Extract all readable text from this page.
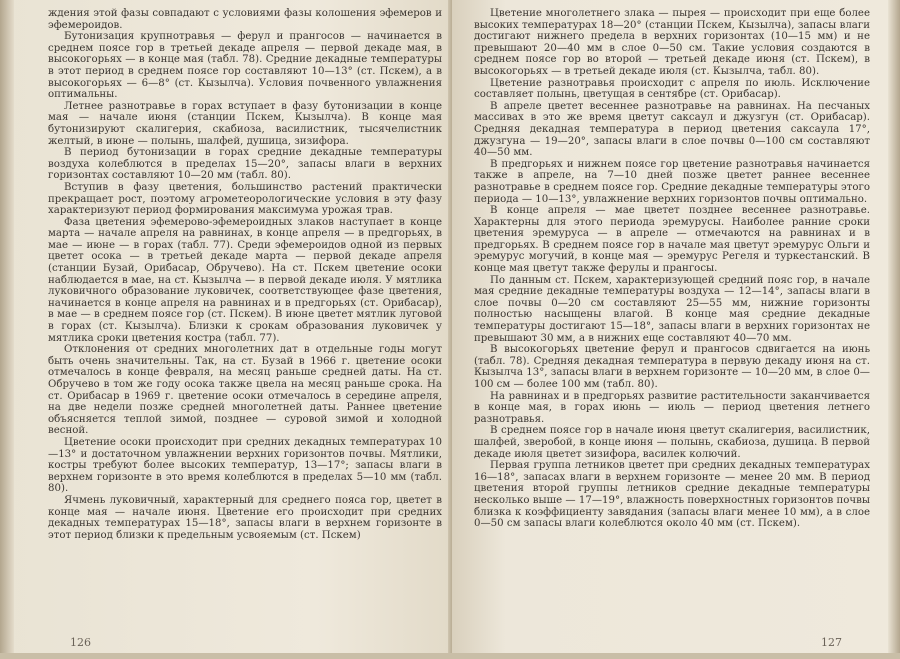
ждения этой фазы совпадают с условиями фазы колошения эфемеров и эфемероидов.

Бутонизация крупнотравья — ферул и прангосов — начинается в среднем поясе гор в третьей декаде апреля — первой декаде мая, в высокогорьях — в конце мая (табл. 78). Средние декадные температуры в этот период в среднем поясе гор составляют 10—13° (ст. Пскем), а в высокогорьях — 6—8° (ст. Кызылча). Условия почвенного увлажнения оптимальны.

Летнее разнотравье в горах вступает в фазу бутонизации в конце мая — начале июня (станции Пскем, Кызылча). В конце мая бутонизируют скалигерия, скабиоза, василистник, тысячелистник желтый, в июне — полынь, шалфей, душица, зизифора.

В период бутонизации в горах средние декадные температуры воздуха колеблются в пределах 15—20°, запасы влаги в верхних горизонтах составляют 10—20 мм (табл. 80).

Вступив в фазу цветения, большинство растений практически прекращает рост, поэтому агрометеорологические условия в эту фазу характеризуют период формирования максимума урожая трав.

Фаза цветения эфемерово-эфемероидных злаков наступает в конце марта — начале апреля на равнинах, в конце апреля — в предгорьях, в мае — июне — в горах (табл. 77). Среди эфемероидов одной из первых цветет осока — в третьей декаде марта — первой декаде апреля (станции Бузай, Орибасар, Обручево). На ст. Пскем цветение осоки наблюдается в мае, на ст. Кызылча — в первой декаде июля. У мятлика луковичного образование луковичек, соответствующее фазе цветения, начинается в конце апреля на равнинах и в предгорьях (ст. Орибасар), в мае — в среднем поясе гор (ст. Пскем). В июне цветет мятлик луговой в горах (ст. Кызылча). Близки к срокам образования луковичек у мятлика сроки цветения костра (табл. 77).

Отклонения от средних многолетних дат в отдельные годы могут быть очень значительны. Так, на ст. Бузай в 1966 г. цветение осоки отмечалось в конце февраля, на месяц раньше средней даты. На ст. Обручево в том же году осока также цвела на месяц раньше срока. На ст. Орибасар в 1969 г. цветение осоки отмечалось в середине апреля, на две недели позже средней многолетней даты. Раннее цветение объясняется теплой зимой, позднее — суровой зимой и холодной весной.

Цветение осоки происходит при средних декадных температурах 10—13° и достаточном увлажнении верхних горизонтов почвы. Мятлики, костры требуют более высоких температур, 13—17°; запасы влаги в верхнем горизонте в это время колеблются в пределах 5—10 мм (табл. 80).

Ячмень луковичный, характерный для среднего пояса гор, цветет в конце мая — начале июня. Цветение его происходит при средних декадных температурах 15—18°, запасы влаги в верхнем горизонте в этот период близки к предельным усвояемым (ст. Пскем)

126

Цветение многолетнего злака — пырея — происходит при еще более высоких температурах 18—20° (станции Пскем, Кызылча), запасы влаги достигают нижнего предела в верхних горизонтах (10—15 мм) и не превышают 20—40 мм в слое 0—50 см. Такие условия создаются в среднем поясе гор во второй — третьей декаде июня (ст. Пскем), в высокогорьях — в третьей декаде июля (ст. Кызылча, табл. 80).

Цветение разнотравья происходит с апреля по июль. Исключение составляет полынь, цветущая в сентябре (ст. Орибасар).

В апреле цветет весеннее разнотравье на равнинах. На песчаных массивах в это же время цветут саксаул и джузгун (ст. Орибасар). Средняя декадная температура в период цветения саксаула 17°, джузгуна — 19—20°, запасы влаги в слое почвы 0—100 см составляют 40—50 мм.

В предгорьях и нижнем поясе гор цветение разнотравья начинается также в апреле, на 7—10 дней позже цветет раннее весеннее разнотравье в среднем поясе гор. Средние декадные температуры этого периода — 10—13°, увлажнение верхних горизонтов почвы оптимально.

В конце апреля — мае цветет позднее весеннее разнотравье. Характерны для этого периода эремурусы. Наиболее ранние сроки цветения эремуруса — в апреле — отмечаются на равнинах и в предгорьях. В среднем поясе гор в начале мая цветут эремурус Ольги и эремурус могучий, в конце мая — эремурус Регеля и туркестанский. В конце мая цветут также ферулы и прангосы.

По данным ст. Пскем, характеризующей средний пояс гор, в начале мая средние декадные температуры воздуха — 12—14°, запасы влаги в слое почвы 0—20 см составляют 25—55 мм, нижние горизонты полностью насыщены влагой. В конце мая средние декадные температуры достигают 15—18°, запасы влаги в верхних горизонтах не превышают 30 мм, а в нижних еще составляют 40—70 мм.

В высокогорьях цветение ферул и прангосов сдвигается на июнь (табл. 78). Средняя декадная температура в первую декаду июня на ст. Кызылча 13°, запасы влаги в верхнем горизонте — 10—20 мм, в слое 0—100 см — более 100 мм (табл. 80).

На равнинах и в предгорьях развитие растительности заканчивается в конце мая, в горах июнь — июль — период цветения летнего разнотравья.

В среднем поясе гор в начале июня цветут скалигерия, василистник, шалфей, зверобой, в конце июня — полынь, скабиоза, душица. В первой декаде июля цветет зизифора, василек колючий.

Первая группа летников цветет при средних декадных температурах 16—18°, запасах влаги в верхнем горизонте — менее 20 мм. В период цветения второй группы летников средние декадные температуры несколько выше — 17—19°, влажность поверхностных горизонтов почвы близка к коэффициенту завядания (запасы влаги менее 10 мм), а в слое 0—50 см запасы влаги колеблются около 40 мм (ст. Пскем).

127
